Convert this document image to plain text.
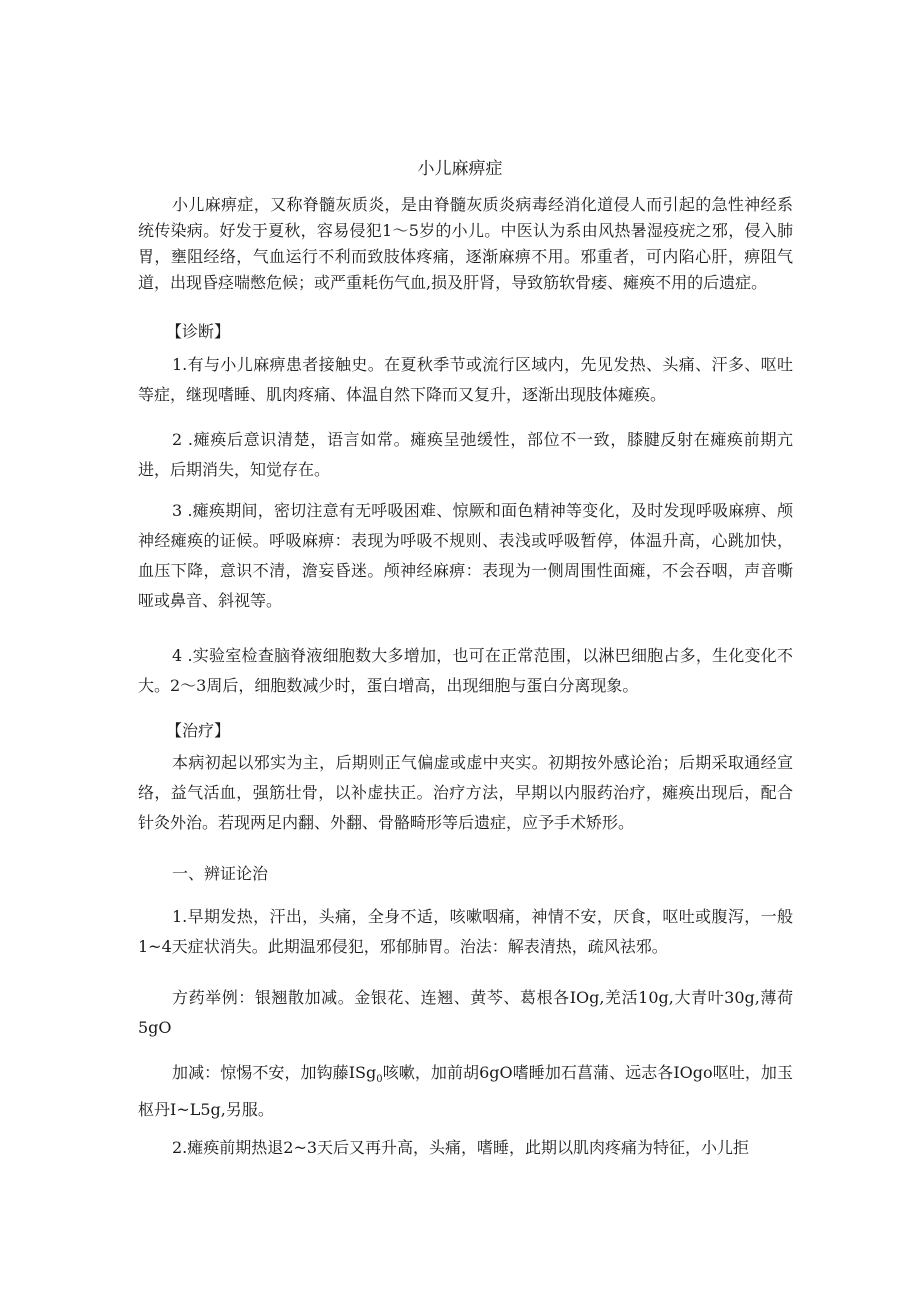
小儿麻痹症

小儿麻痹症，又称脊髓灰质炎，是由脊髓灰质炎病毒经消化道侵人而引起的急性神经系统传染病。好发于夏秋，容易侵犯1～5岁的小儿。中医认为系由风热暑湿疫疣之邪，侵入肺胃，壅阻经络，气血运行不利而致肢体疼痛，逐渐麻痹不用。邪重者，可内陷心肝，痹阻气道，出现昏痉喘憋危候；或严重耗伤气血,损及肝肾，导致筋软骨痿、瘫痪不用的后遗症。

【诊断】

1.有与小儿麻痹患者接触史。在夏秋季节或流行区域内，先见发热、头痛、汗多、呕吐等症，继现嗜睡、肌肉疼痛、体温自然下降而又复升，逐渐出现肢体瘫痪。

2 .瘫痪后意识清楚，语言如常。瘫痪呈弛缓性，部位不一致，膝腱反射在瘫痪前期亢进，后期消失，知觉存在。

3 .瘫痪期间，密切注意有无呼吸困难、惊厥和面色精神等变化，及时发现呼吸麻痹、颅神经瘫痪的证候。呼吸麻痹：表现为呼吸不规则、表浅或呼吸暂停，体温升高，心跳加快，血压下降，意识不清，澹妄昏迷。颅神经麻痹：表现为一侧周围性面瘫，不会吞咽，声音嘶哑或鼻音、斜视等。

4 .实验室检查脑脊液细胞数大多增加，也可在正常范围，以淋巴细胞占多，生化变化不大。2～3周后，细胞数减少时，蛋白增高，出现细胞与蛋白分离现象。

【治疗】

本病初起以邪实为主，后期则正气偏虚或虚中夹实。初期按外感论治；后期采取通经宣络，益气活血，强筋壮骨，以补虚扶正。治疗方法，早期以内服药治疗，瘫痪出现后，配合针灸外治。若现两足内翻、外翻、骨骼畸形等后遗症，应予手术矫形。

一、辨证论治

1.早期发热，汗出，头痛，全身不适，咳嗽咽痛，神情不安，厌食，呕吐或腹泻，一般1~4天症状消失。此期温邪侵犯，邪郁肺胃。治法：解表清热，疏风祛邪。

方药举例：银翘散加减。金银花、连翘、黄芩、葛根各IOg,羌活10g,大青叶30g,薄荷5gO

加减：惊惕不安，加钩藤ISg$_0$咳嗽，加前胡6gO嗜睡加石菖蒲、远志各IOgo呕吐，加玉枢丹I~L5g,另服。

2.瘫痪前期热退2~3天后又再升高，头痛，嗜睡，此期以肌肉疼痛为特征，小儿拒
